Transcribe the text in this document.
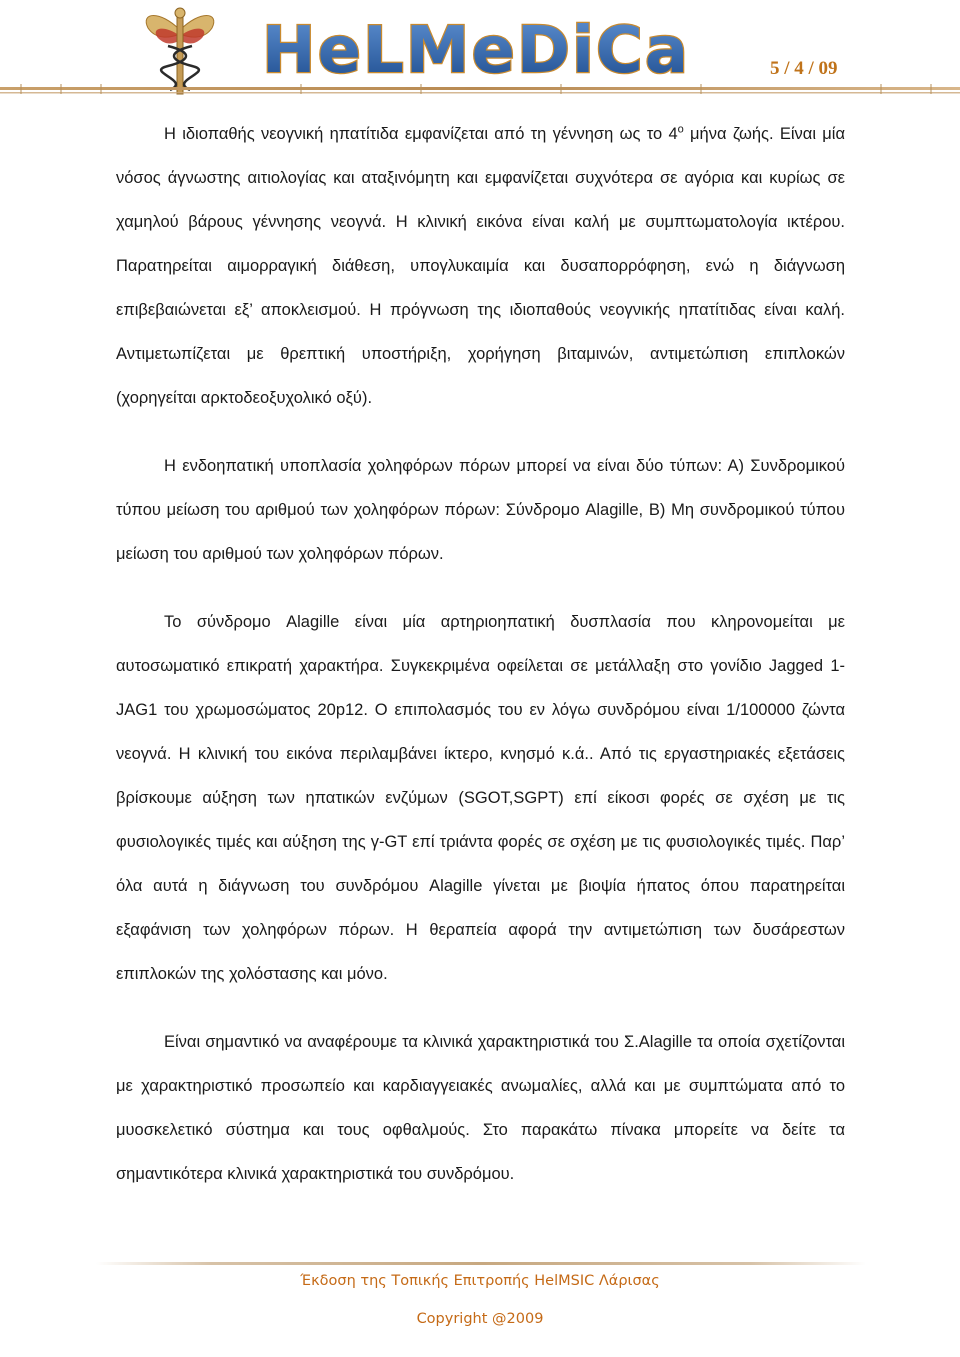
HeLMeDiCa	5 / 4 / 09

Η ιδιοπαθής νεογνική ηπατίτιδα εμφανίζεται από τη γέννηση ως το $4^o$ μήνα ζωής. Είναι μία νόσος άγνωστης αιτιολογίας και αταξινόμητη και εμφανίζεται συχνότερα σε αγόρια και κυρίως σε χαμηλού βάρους γέννησης νεογνά. Η κλινική εικόνα είναι καλή με συμπτωματολογία ικτέρου. Παρατηρείται αιμορραγική διάθεση, υπογλυκαιμία και δυσαπορρόφηση, ενώ η διάγνωση επιβεβαιώνεται εξ’ αποκλεισμού. Η πρόγνωση της ιδιοπαθούς νεογνικής ηπατίτιδας είναι καλή. Αντιμετωπίζεται με θρεπτική υποστήριξη, χορήγηση βιταμινών, αντιμετώπιση επιπλοκών (χορηγείται αρκτοδεοξυχολικό οξύ).

Η ενδοηπατική υποπλασία χοληφόρων πόρων μπορεί να είναι δύο τύπων: Α) Συνδρομικού τύπου μείωση του αριθμού των χοληφόρων πόρων: Σύνδρομο Alagille, Β) Μη συνδρομικού τύπου μείωση του αριθμού των χοληφόρων πόρων.

Το σύνδρομο Alagille είναι μία αρτηριοηπατική δυσπλασία που κληρονομείται με αυτοσωματικό επικρατή χαρακτήρα. Συγκεκριμένα οφείλεται σε μετάλλαξη στο γονίδιο Jagged 1-JAG1 του χρωμοσώματος 20p12. Ο επιπολασμός του εν λόγω συνδρόμου είναι 1/100000 ζώντα νεογνά. Η κλινική του εικόνα περιλαμβάνει ίκτερο, κνησμό κ.ά.. Από τις εργαστηριακές εξετάσεις βρίσκουμε αύξηση των ηπατικών ενζύμων (SGOT,SGPT) επί είκοσι φορές σε σχέση με τις φυσιολογικές τιμές και αύξηση της γ-GT επί τριάντα φορές σε σχέση με τις φυσιολογικές τιμές. Παρ’ όλα αυτά η διάγνωση του συνδρόμου Alagille γίνεται με βιοψία ήπατος όπου παρατηρείται εξαφάνιση των χοληφόρων πόρων. Η θεραπεία αφορά την αντιμετώπιση των δυσάρεστων επιπλοκών της χολόστασης και μόνο.

Είναι σημαντικό να αναφέρουμε τα κλινικά χαρακτηριστικά του Σ.Alagille τα οποία σχετίζονται με χαρακτηριστικό προσωπείο και καρδιαγγειακές ανωμαλίες, αλλά και με συμπτώματα από το μυοσκελετικό σύστημα και τους οφθαλμούς. Στο παρακάτω πίνακα μπορείτε να δείτε τα σημαντικότερα κλινικά χαρακτηριστικά του συνδρόμου.

Έκδοση της Τοπικής Επιτροπής HelMSIC Λάρισας
Copyright @2009
